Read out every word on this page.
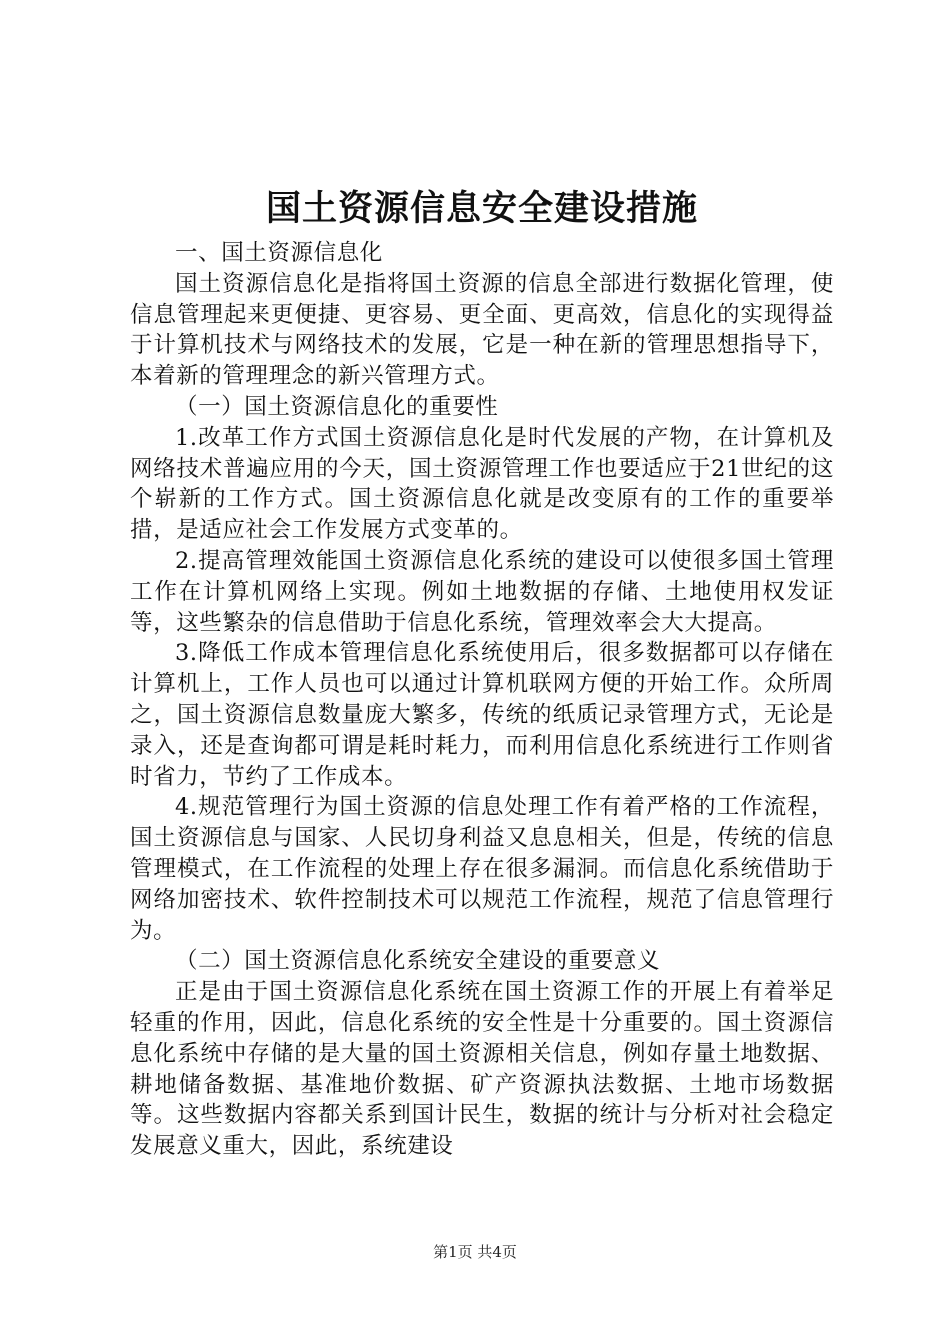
国土资源信息安全建设措施

一、国土资源信息化

国土资源信息化是指将国土资源的信息全部进行数据化管理，使信息管理起来更便捷、更容易、更全面、更高效，信息化的实现得益于计算机技术与网络技术的发展，它是一种在新的管理思想指导下，本着新的管理理念的新兴管理方式。

（一）国土资源信息化的重要性

1.改革工作方式国土资源信息化是时代发展的产物，在计算机及网络技术普遍应用的今天，国土资源管理工作也要适应于21世纪的这个崭新的工作方式。国土资源信息化就是改变原有的工作的重要举措，是适应社会工作发展方式变革的。

2.提高管理效能国土资源信息化系统的建设可以使很多国土管理工作在计算机网络上实现。例如土地数据的存储、土地使用权发证等，这些繁杂的信息借助于信息化系统，管理效率会大大提高。

3.降低工作成本管理信息化系统使用后，很多数据都可以存储在计算机上，工作人员也可以通过计算机联网方便的开始工作。众所周之，国土资源信息数量庞大繁多，传统的纸质记录管理方式，无论是录入，还是查询都可谓是耗时耗力，而利用信息化系统进行工作则省时省力，节约了工作成本。

4.规范管理行为国土资源的信息处理工作有着严格的工作流程，国土资源信息与国家、人民切身利益又息息相关，但是，传统的信息管理模式，在工作流程的处理上存在很多漏洞。而信息化系统借助于网络加密技术、软件控制技术可以规范工作流程，规范了信息管理行为。

（二）国土资源信息化系统安全建设的重要意义

正是由于国土资源信息化系统在国土资源工作的开展上有着举足轻重的作用，因此，信息化系统的安全性是十分重要的。国土资源信息化系统中存储的是大量的国土资源相关信息，例如存量土地数据、耕地储备数据、基准地价数据、矿产资源执法数据、土地市场数据等。这些数据内容都关系到国计民生，数据的统计与分析对社会稳定发展意义重大，因此，系统建设

第1页 共4页
